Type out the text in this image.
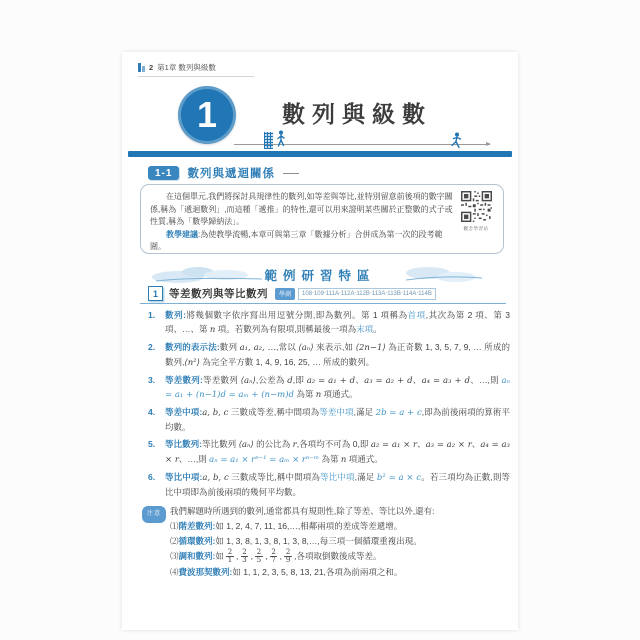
2 第1章 數列與級數
1	數列與級數
1-1	數列與遞迴關係
觀念學習站

在這個單元,我們將探討具規律性的數列,如等差與等比,並特別留意前後項的數字關係,稱為「遞迴數列」,而這種「遞推」的特性,還可以用來證明某些關於正整數的式子或性質,稱為「數學歸納法」。

教學建議:為使教學流暢,本章可與第三章「數據分析」合併成為第一次的段考範圍。

範例研習特區
1	等差數列與等比數列	學測	108‧109‧111A‧112A‧112B‧113A‧113B‧114A‧114B
1. 數列:將幾個數字依序寫出用逗號分開,即為數列。第 1 項稱為首項,其次為第 2 項、第 3 項、…、第 n 項。若數列為有限項,則稱最後一項為末項。
2. 數列的表示法:數列 a₁, a₂, …,常以 ⟨aₙ⟩ 來表示,如 ⟨2n−1⟩ 為正奇數 1, 3, 5, 7, 9, … 所成的數列,⟨n²⟩ 為完全平方數 1, 4, 9, 16, 25, … 所成的數列。
3. 等差數列:等差數列 ⟨aₙ⟩,公差為 d,即 a₂ = a₁ + d、a₃ = a₂ + d、a₄ = a₃ + d、…,則 aₙ = a₁ + (n−1)d = aₘ + (n−m)d 為第 n 項通式。
4. 等差中項:a, b, c 三數成等差,稱中間項為等差中項,滿足 2b = a + c,即為前後兩項的算術平均數。
5. 等比數列:等比數列 ⟨aₙ⟩ 的公比為 r,各項均不可為 0,即 a₂ = a₁ × r、a₃ = a₂ × r、a₄ = a₃ × r、…,則 aₙ = a₁ × rⁿ⁻¹ = aₘ × rⁿ⁻ᵐ 為第 n 項通式。
6. 等比中項:a, b, c 三數成等比,稱中間項為等比中項,滿足 b² = a × c。若三項均為正數,則等比中項即為前後兩項的幾何平均數。
注意	我們解題時所遇到的數列,通常都具有規則性,除了等差、等比以外,還有:
⑴階差數列:如 1, 2, 4, 7, 11, 16,…,相鄰兩項的差成等差遞增。
⑵循環數列:如 1, 3, 8, 1, 3, 8, 1, 3, 8,…,每三項一個循環重複出現。
⑶調和數列:如 $\frac{2}{1}$ , $\frac{2}{3}$ , $\frac{2}{5}$ , $\frac{2}{7}$ , $\frac{2}{9}$ ,各項取倒數後成等差。
⑷費波那契數列:如 1, 1, 2, 3, 5, 8, 13, 21,各項為前兩項之和。
